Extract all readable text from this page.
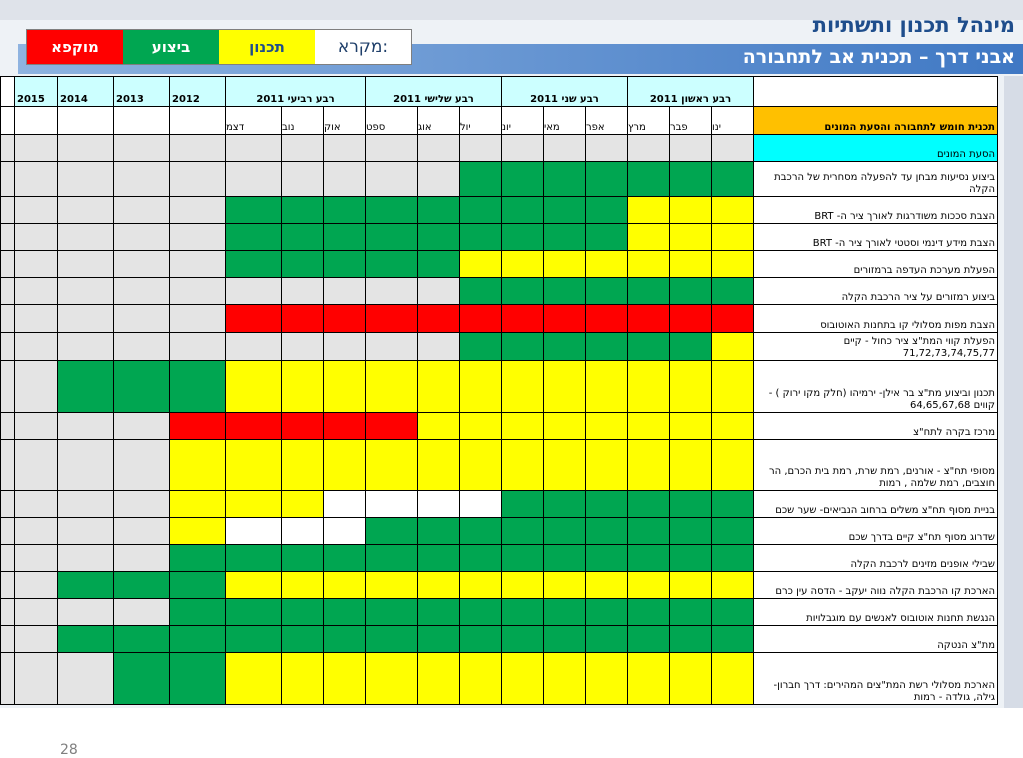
מינהל תכנון ותשתיות
אבני דרך – תכנית אב לתחבורה
מוקפא	ביצוע	תכנון	מקרא:
	2015	2014	2013	2012	רבע רביעי 2011			רבע שלישי 2011			רבע שני 2011			רבע ראשון 2011			
					דצמ	נוב	אוק	ספט	אוג	יול	יונ	מאי	אפר	מרץ	פבר	ינו	תכנית חומש לתחבורה והסעת המונים
																	הסעת המונים
																	ביצוע נסיעות מבחן עד להפעלה מסחרית של הרכבת הקלה
																	הצבת סככות משודרגות לאורך ציר ה- BRT
																	הצבת מידע דינמי וסטטי לאורך ציר ה- BRT
																	הפעלת מערכת העדפה ברמזורים
																	ביצוע רמזורים על ציר הרכבת הקלה
																	הצבת מפות מסלולי קו בתחנות האוטובוס
																	הפעלת קווי המת"צ ציר כחול - קיים 71,72,73,74,75,77
																	תכנון וביצוע מת"צ בר אילן- ירמיהו (חלק מקו ירוק ) - קווים 64,65,67,68
																	מרכז בקרה לתח"צ
																	מסופי תח"צ - אורנים, רמת שרת, רמת בית הכרם, הר חוצבים, רמת שלמה , רמות
																	בניית מסוף תח"צ משלים ברחוב הנביאים- שער שכם
																	שדרוג מסוף תח"צ קיים בדרך שכם
																	שבילי אופנים מזינים לרכבת הקלה
																	הארכת קו הרכבת הקלה נווה יעקב - הדסה עין כרם
																	הנגשת תחנות אוטובוס לאנשים עם מוגבלויות
																	מת"צ הנטקה
																	הארכת מסלולי רשת המת"צים המהירים: דרך חברון- גילה, גולדה - רמות
28
